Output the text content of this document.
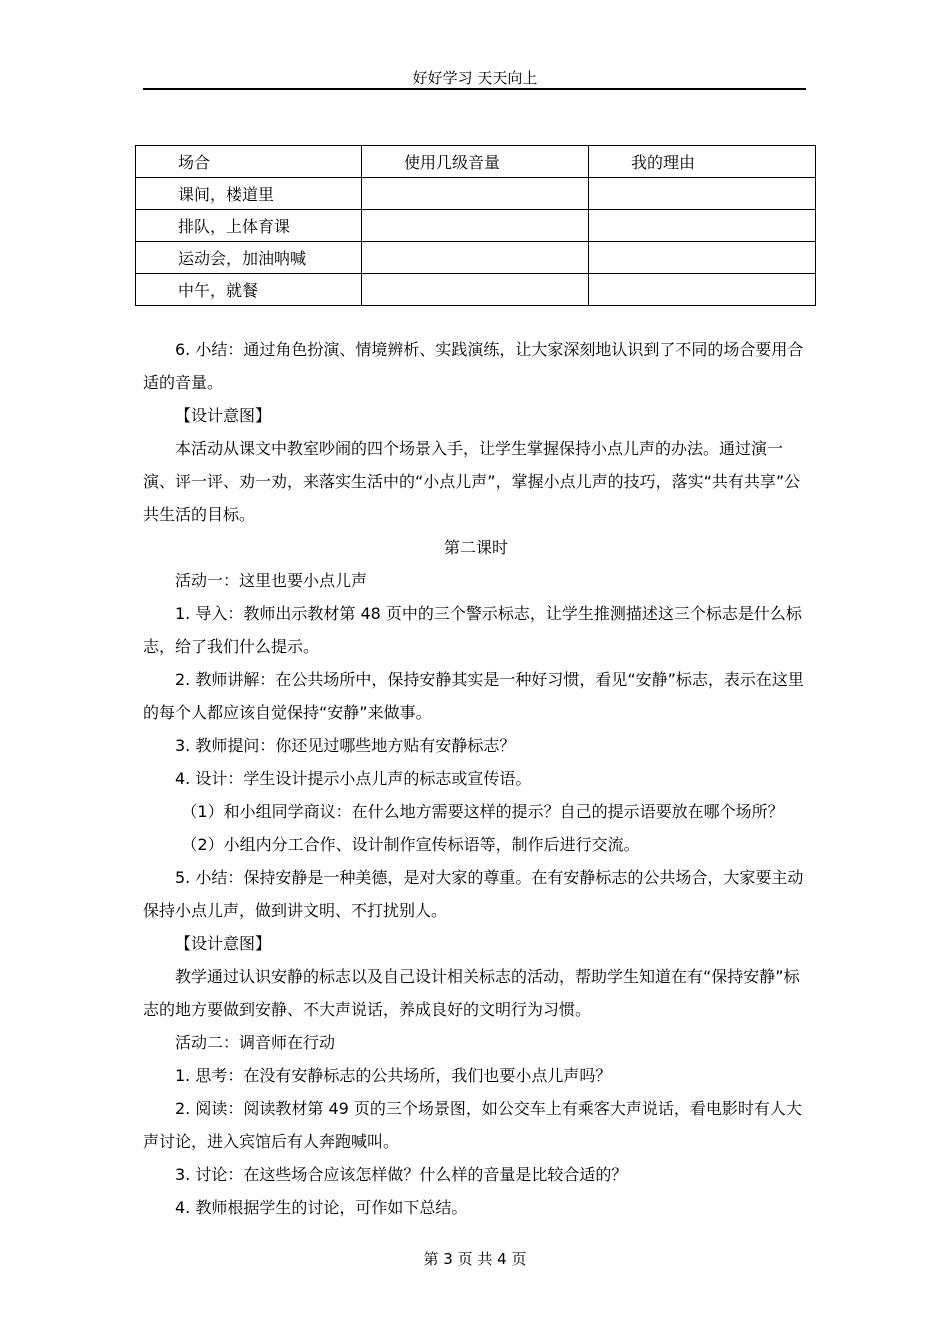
好好学习 天天向上
场合	使用几级音量	我的理由
课间，楼道里		
排队，上体育课		
运动会，加油呐喊		
中午，就餐		

6. 小结：通过角色扮演、情境辨析、实践演练，让大家深刻地认识到了不同的场合要用合适的音量。

【设计意图】

本活动从课文中教室吵闹的四个场景入手，让学生掌握保持小点儿声的办法。通过演一演、评一评、劝一劝，来落实生活中的“小点儿声”，掌握小点儿声的技巧，落实“共有共享”公共生活的目标。

第二课时

活动一：这里也要小点儿声

1. 导入：教师出示教材第 48 页中的三个警示标志，让学生推测描述这三个标志是什么标志，给了我们什么提示。

2. 教师讲解：在公共场所中，保持安静其实是一种好习惯，看见“安静”标志，表示在这里的每个人都应该自觉保持“安静”来做事。

3. 教师提问：你还见过哪些地方贴有安静标志？

4. 设计：学生设计提示小点儿声的标志或宣传语。

（1）和小组同学商议：在什么地方需要这样的提示？自己的提示语要放在哪个场所？

（2）小组内分工合作、设计制作宣传标语等，制作后进行交流。

5. 小结：保持安静是一种美德，是对大家的尊重。在有安静标志的公共场合，大家要主动保持小点儿声，做到讲文明、不打扰别人。

【设计意图】

教学通过认识安静的标志以及自己设计相关标志的活动，帮助学生知道在有“保持安静”标志的地方要做到安静、不大声说话，养成良好的文明行为习惯。

活动二：调音师在行动

1. 思考：在没有安静标志的公共场所，我们也要小点儿声吗？

2. 阅读：阅读教材第 49 页的三个场景图，如公交车上有乘客大声说话，看电影时有人大声讨论，进入宾馆后有人奔跑喊叫。

3. 讨论：在这些场合应该怎样做？什么样的音量是比较合适的？

4. 教师根据学生的讨论，可作如下总结。

第 3 页 共 4 页
